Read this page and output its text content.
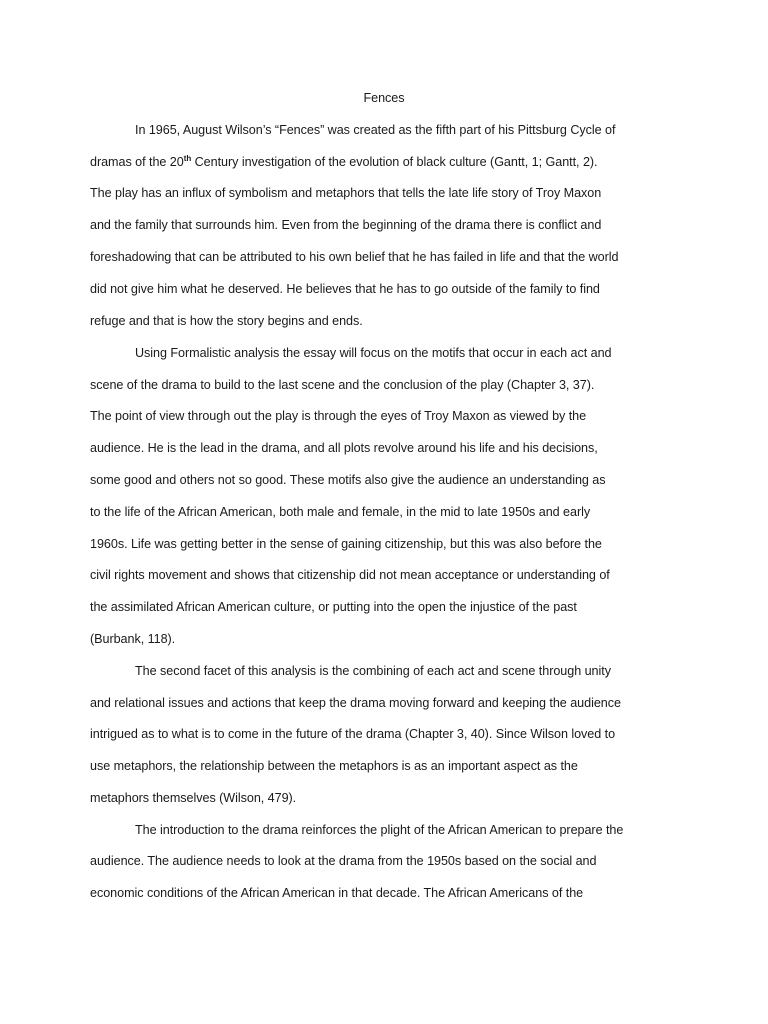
Fences
In 1965, August Wilson’s “Fences” was created as the fifth part of his Pittsburg Cycle of
dramas of the 20th Century investigation of the evolution of black culture (Gantt, 1; Gantt, 2).
The play has an influx of symbolism and metaphors that tells the late life story of Troy Maxon
and the family that surrounds him. Even from the beginning of the drama there is conflict and
foreshadowing that can be attributed to his own belief that he has failed in life and that the world
did not give him what he deserved. He believes that he has to go outside of the family to find
refuge and that is how the story begins and ends.
Using Formalistic analysis the essay will focus on the motifs that occur in each act and
scene of the drama to build to the last scene and the conclusion of the play (Chapter 3, 37).
The point of view through out the play is through the eyes of Troy Maxon as viewed by the
audience. He is the lead in the drama, and all plots revolve around his life and his decisions,
some good and others not so good. These motifs also give the audience an understanding as
to the life of the African American, both male and female, in the mid to late 1950s and early
1960s. Life was getting better in the sense of gaining citizenship, but this was also before the
civil rights movement and shows that citizenship did not mean acceptance or understanding of
the assimilated African American culture, or putting into the open the injustice of the past
(Burbank, 118).
The second facet of this analysis is the combining of each act and scene through unity
and relational issues and actions that keep the drama moving forward and keeping the audience
intrigued as to what is to come in the future of the drama (Chapter 3, 40). Since Wilson loved to
use metaphors, the relationship between the metaphors is as an important aspect as the
metaphors themselves (Wilson, 479).
The introduction to the drama reinforces the plight of the African American to prepare the
audience. The audience needs to look at the drama from the 1950s based on the social and
economic conditions of the African American in that decade. The African Americans of the
